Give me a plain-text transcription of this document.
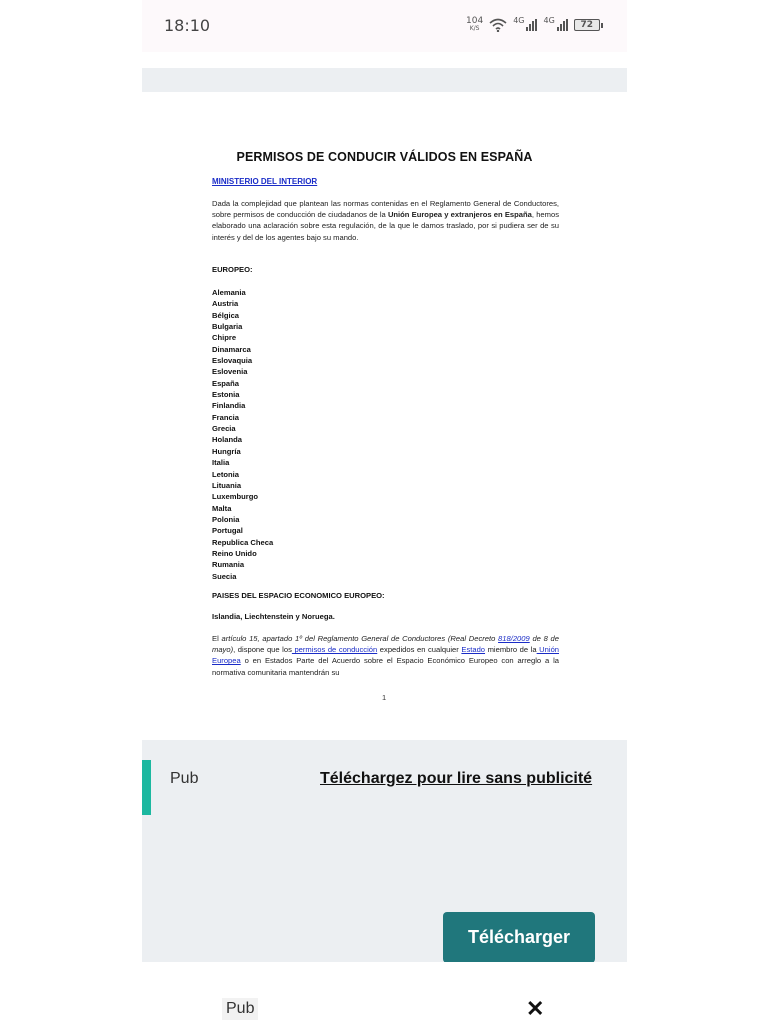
18:10	104
K/S
4G 4G	72
PERMISOS DE CONDUCIR VÁLIDOS EN ESPAÑA
MINISTERIO DEL INTERIOR
Dada la complejidad que plantean las normas contenidas en el Reglamento General de Conductores, sobre permisos de conducción de ciudadanos de la Unión Europea y extranjeros en España, hemos elaborado una aclaración sobre esta regulación, de la que le damos traslado, por si pudiera ser de su interés y del de los agentes bajo su mando.
EUROPEO:
Alemania
Austria
Bélgica
Bulgaria
Chipre
Dinamarca
Eslovaquia
Eslovenia
España
Estonia
Finlandia
Francia
Grecia
Holanda
Hungría
Italia
Letonia
Lituania
Luxemburgo
Malta
Polonia
Portugal
Republica Checa
Reino Unido
Rumania
Suecia
PAISES DEL ESPACIO ECONOMICO EUROPEO:
Islandia, Liechtenstein y Noruega.
El artículo 15, apartado 1º del Reglamento General de Conductores (Real Decreto 818/2009 de 8 de mayo), dispone que los permisos de conducción expedidos en cualquier Estado miembro de la Unión Europea o en Estados Parte del Acuerdo sobre el Espacio Económico Europeo con arreglo a la normativa comunitaria mantendrán su
1
Pub	Téléchargez pour lire sans publicité
Télécharger
Pub	✕
